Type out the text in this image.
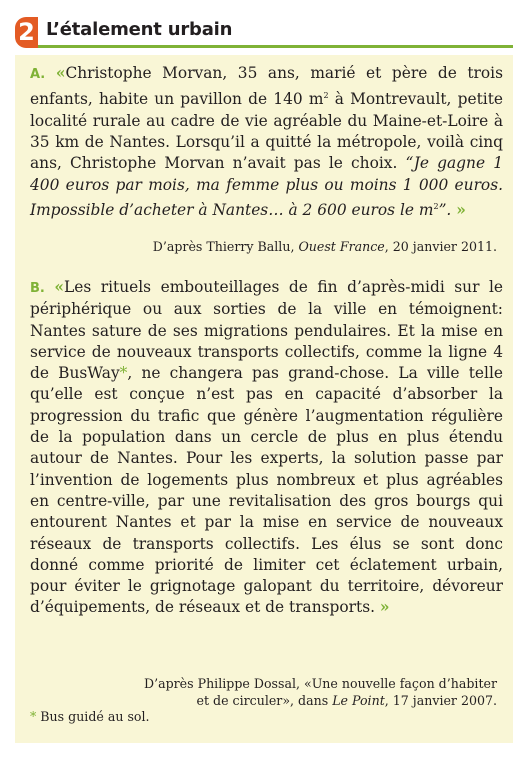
2 L’étalement urbain

A. «Christophe Morvan, 35 ans, marié et père de trois enfants, habite un pavillon de 140 $m^2$ à Montrevault, petite localité rurale au cadre de vie agréable du Maine-et-Loire à 35 km de Nantes. Lorsqu’il a quitté la métropole, voilà cinq ans, Christophe Morvan n’avait pas le choix. “Je gagne 1 400 euros par mois, ma femme plus ou moins 1 000 euros. Impossible d’acheter à Nantes… à 2 600 euros le $m^2$”. »

D’après Thierry Ballu, Ouest France, 20 janvier 2011.

B. «Les rituels embouteillages de fin d’après-midi sur le périphérique ou aux sorties de la ville en témoignent: Nantes sature de ses migrations pendulaires. Et la mise en service de nouveaux transports collectifs, comme la ligne 4 de BusWay*, ne changera pas grand-chose. La ville telle qu’elle est conçue n’est pas en capacité d’absorber la progression du trafic que génère l’augmentation régulière de la population dans un cercle de plus en plus étendu autour de Nantes. Pour les experts, la solution passe par l’invention de logements plus nombreux et plus agréables en centre-ville, par une revitalisation des gros bourgs qui entourent Nantes et par la mise en service de nouveaux réseaux de transports collectifs. Les élus se sont donc donné comme priorité de limiter cet éclatement urbain, pour éviter le grignotage galopant du territoire, dévoreur d’équipements, de réseaux et de transports. »

D’après Philippe Dossal, «Une nouvelle façon d’habiter
et de circuler», dans Le Point, 17 janvier 2007.
* Bus guidé au sol.
